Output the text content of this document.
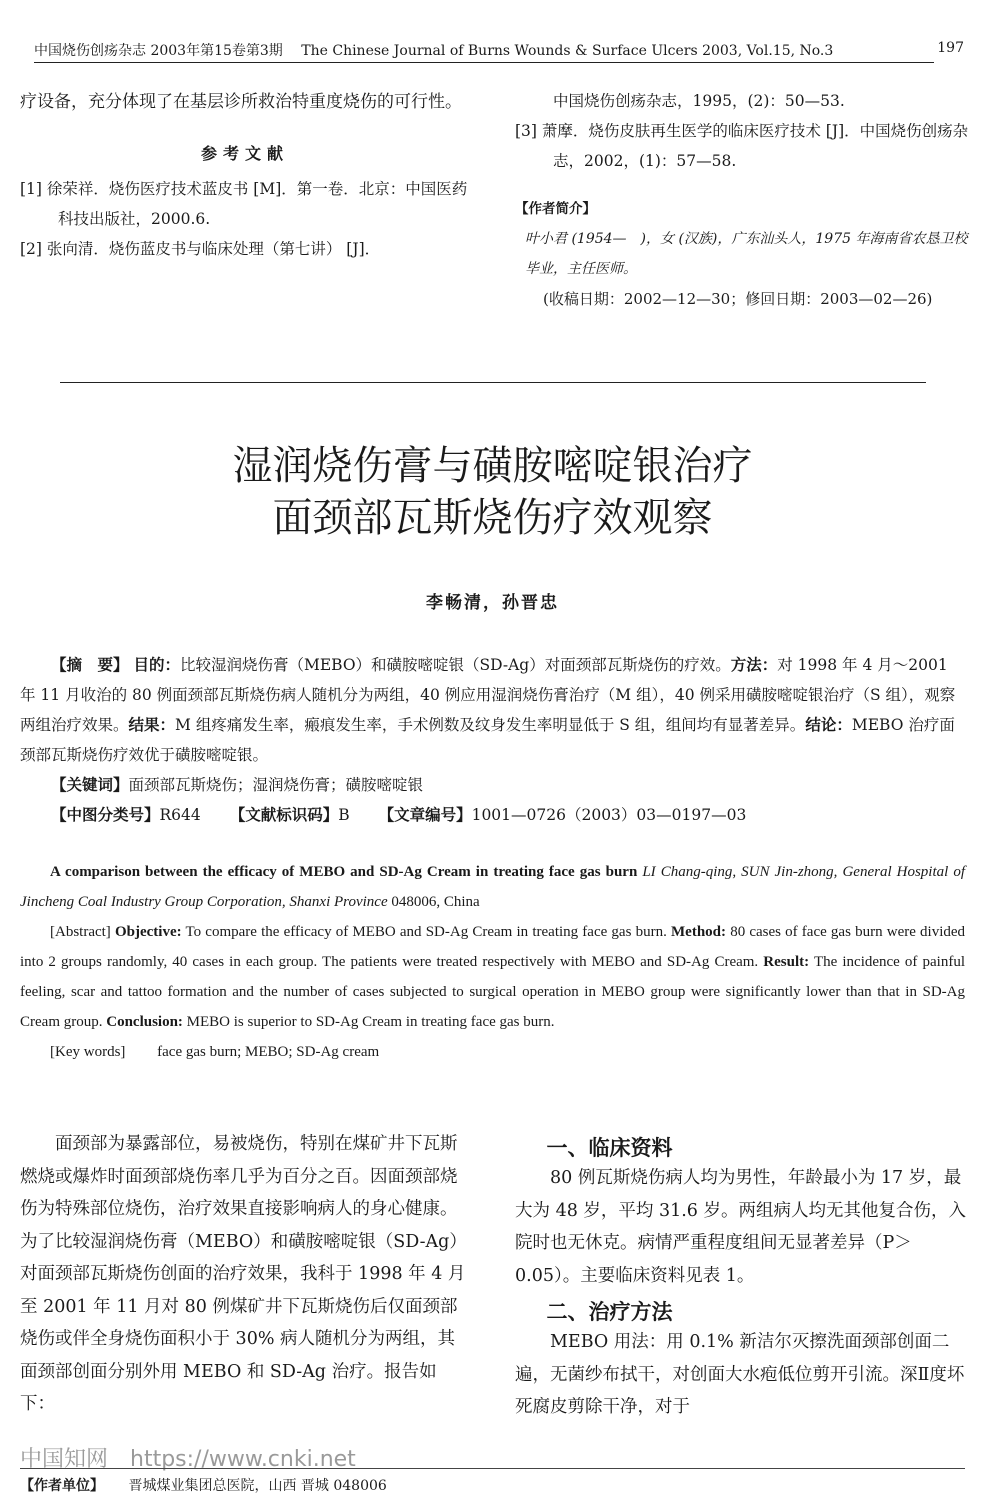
中国烧伤创疡杂志 2003年第15卷第3期 The Chinese Journal of Burns Wounds & Surface Ulcers 2003, Vol.15, No.3	197
疗设备，充分体现了在基层诊所救治特重度烧伤的可行性。
参考文献
[1] 徐荣祥．烧伤医疗技术蓝皮书 [M]．第一卷．北京：中国医药科技出版社，2000.6.
[2] 张向清．烧伤蓝皮书与临床处理（第七讲） [J]．
中国烧伤创疡杂志，1995，(2)：50—53.
[3] 萧摩．烧伤皮肤再生医学的临床医疗技术 [J]．中国烧伤创疡杂志，2002，(1)：57—58.
【作者简介】
叶小君 (1954—　)，女 (汉族)，广东汕头人，1975 年海南省农恳卫校毕业，主任医师。
(收稿日期：2002—12—30；修回日期：2003—02—26)
湿润烧伤膏与磺胺嘧啶银治疗
面颈部瓦斯烧伤疗效观察
李畅清，孙晋忠
【摘　要】 目的：比较湿润烧伤膏（MEBO）和磺胺嘧啶银（SD-Ag）对面颈部瓦斯烧伤的疗效。方法：对 1998 年 4 月～2001 年 11 月收治的 80 例面颈部瓦斯烧伤病人随机分为两组，40 例应用湿润烧伤膏治疗（M 组），40 例采用磺胺嘧啶银治疗（S 组），观察两组治疗效果。结果：M 组疼痛发生率，瘢痕发生率，手术例数及纹身发生率明显低于 S 组，组间均有显著差异。结论：MEBO 治疗面颈部瓦斯烧伤疗效优于磺胺嘧啶银。
【关键词】面颈部瓦斯烧伤；湿润烧伤膏；磺胺嘧啶银
【中图分类号】R644 【文献标识码】B 【文章编号】1001—0726（2003）03—0197—03
A comparison between the efficacy of MEBO and SD-Ag Cream in treating face gas burn LI Chang-qing, SUN Jin-zhong, General Hospital of Jincheng Coal Industry Group Corporation, Shanxi Province 048006, China
[Abstract] Objective: To compare the efficacy of MEBO and SD-Ag Cream in treating face gas burn. Method: 80 cases of face gas burn were divided into 2 groups randomly, 40 cases in each group. The patients were treated respectively with MEBO and SD-Ag Cream. Result: The incidence of painful feeling, scar and tattoo formation and the number of cases subjected to surgical operation in MEBO group were significantly lower than that in SD-Ag Cream group. Conclusion: MEBO is superior to SD-Ag Cream in treating face gas burn.
[Key words] face gas burn; MEBO; SD-Ag cream
面颈部为暴露部位，易被烧伤，特别在煤矿井下瓦斯燃烧或爆炸时面颈部烧伤率几乎为百分之百。因面颈部烧伤为特殊部位烧伤，治疗效果直接影响病人的身心健康。为了比较湿润烧伤膏（MEBO）和磺胺嘧啶银（SD-Ag）对面颈部瓦斯烧伤创面的治疗效果，我科于 1998 年 4 月至 2001 年 11 月对 80 例煤矿井下瓦斯烧伤后仅面颈部烧伤或伴全身烧伤面积小于 30% 病人随机分为两组，其面颈部创面分别外用 MEBO 和 SD-Ag 治疗。报告如下：
一、临床资料
80 例瓦斯烧伤病人均为男性，年龄最小为 17 岁，最大为 48 岁，平均 31.6 岁。两组病人均无其他复合伤，入院时也无休克。病情严重程度组间无显著差异（P＞0.05）。主要临床资料见表 1。
二、治疗方法
MEBO 用法：用 0.1% 新洁尔灭擦洗面颈部创面二遍，无菌纱布拭干，对创面大水疱低位剪开引流。深Ⅱ度坏死腐皮剪除干净，对于
中国知网　https://www.cnki.net
【作者单位】 晋城煤业集团总医院，山西 晋城 048006
